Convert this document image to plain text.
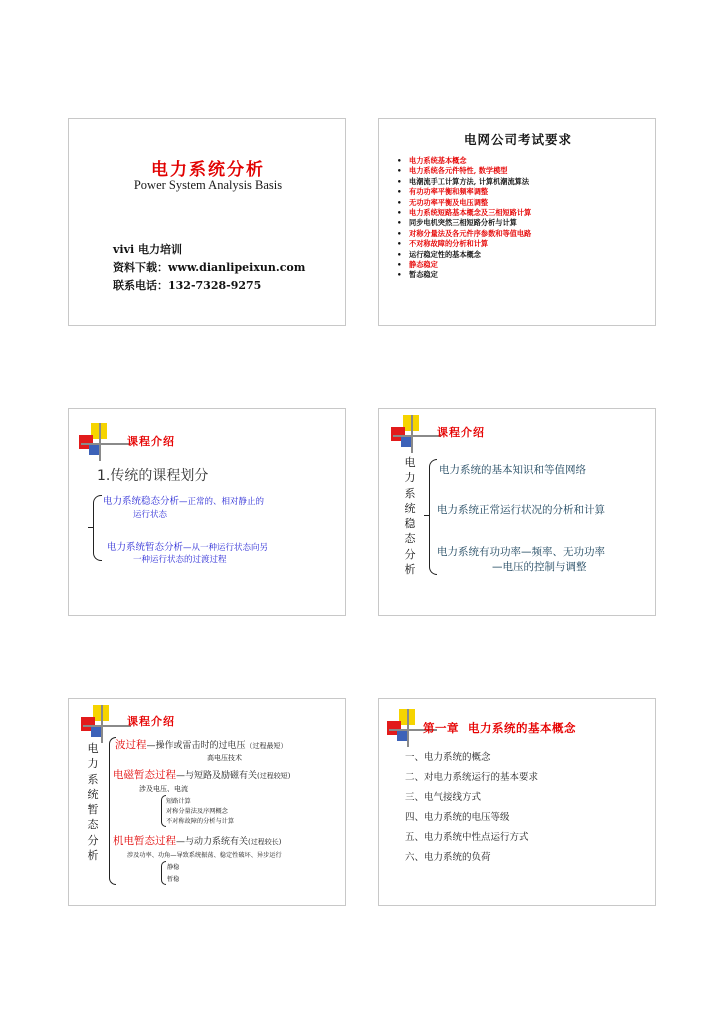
电力系统分析
Power System Analysis Basis
vivi 电力培训
资料下载：www.dianlipeixun.com
联系电话：132-7328-9275
电网公司考试要求
• 电力系统基本概念
• 电力系统各元件特性, 数学模型
• 电潮流手工计算方法, 计算机潮流算法
• 有功功率平衡和频率调整
• 无功功率平衡及电压调整
• 电力系统短路基本概念及三相短路计算
• 同步电机突然三相短路分析与计算
• 对称分量法及各元件序参数和等值电路
• 不对称故障的分析和计算
• 运行稳定性的基本概念
• 静态稳定
• 暂态稳定
课程介绍
1.传统的课程划分
电力系统稳态分析—正常的、相对静止的
运行状态
电力系统暂态分析—从一种运行状态向另
一种运行状态的过渡过程
课程介绍
电
力
系
统
稳
态
分
析
电力系统的基本知识和等值网络
电力系统正常运行状况的分析和计算
电力系统有功功率—频率、无功功率
—电压的控制与调整
课程介绍
电
力
系
统
暂
态
分
析
波过程—操作或雷击时的过电压（过程最短）
高电压技术
电磁暂态过程—与短路及励磁有关(过程较短)
涉及电压、电流
短路计算
对称分量法及序网概念
不对称故障的分析与计算
机电暂态过程—与动力系统有关(过程较长)
涉及功率、功角—导致系统振荡、稳定性破坏、异步运行
静稳
暂稳
第一章  电力系统的基本概念
一、电力系统的概念
二、对电力系统运行的基本要求
三、电气接线方式
四、电力系统的电压等级
五、电力系统中性点运行方式
六、电力系统的负荷
